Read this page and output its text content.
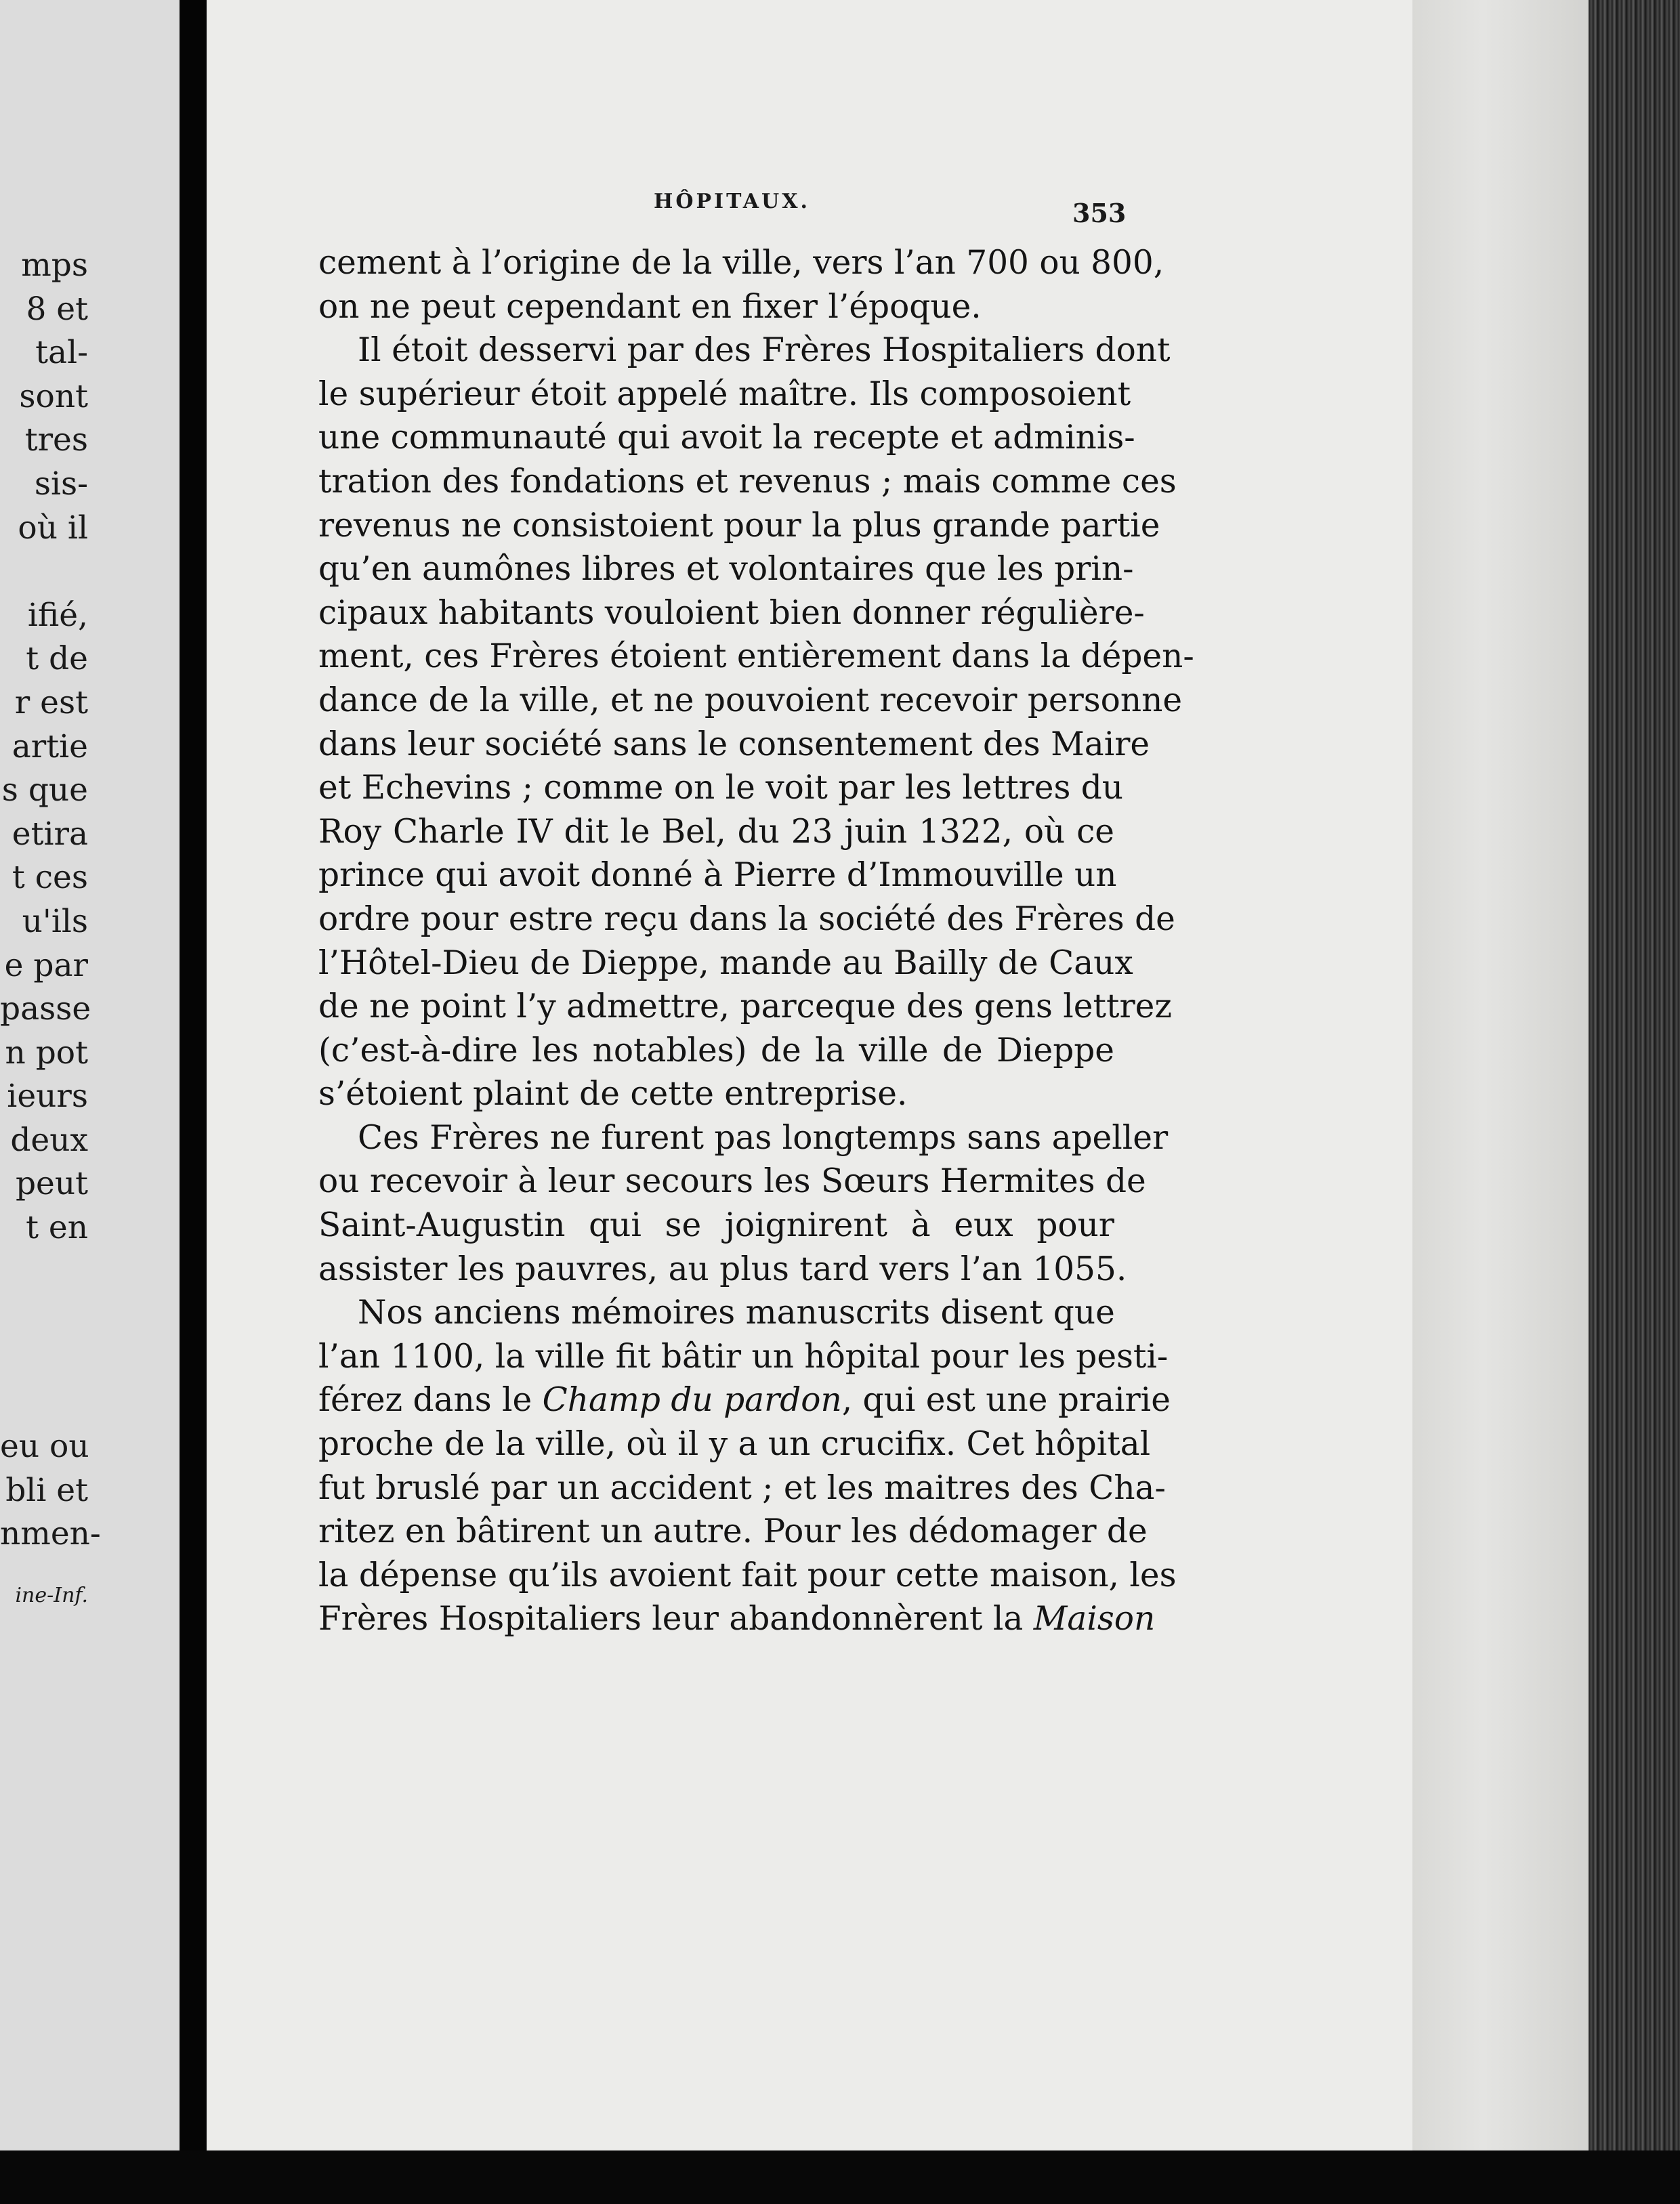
mps
8 et
tal-
sont
tres
sis-
où il
ifié,
t de
r est
artie
s que
etira
t ces
u'ils
e par
passe
n pot
ieurs
deux
peut
t en
eu ou
bli et
nmen-
ine-Inf.
HÔPITAUX.	353

cement à l’origine de la ville, vers l’an 700 ou 800,
on ne peut cependant en fixer l’époque.

Il étoit desservi par des Frères Hospitaliers dont
le supérieur étoit appelé maître. Ils composoient
une communauté qui avoit la recepte et adminis-
tration des fondations et revenus ; mais comme ces
revenus ne consistoient pour la plus grande partie
qu’en aumônes libres et volontaires que les prin-
cipaux habitants vouloient bien donner régulière-
ment, ces Frères étoient entièrement dans la dépen-
dance de la ville, et ne pouvoient recevoir personne
dans leur société sans le consentement des Maire
et Echevins ; comme on le voit par les lettres du
Roy Charle IV dit le Bel, du 23 juin 1322, où ce
prince qui avoit donné à Pierre d’Immouville un
ordre pour estre reçu dans la société des Frères de
l’Hôtel-Dieu de Dieppe, mande au Bailly de Caux
de ne point l’y admettre, parceque des gens lettrez
(c’est-à-dire les notables) de la ville de Dieppe
s’étoient plaint de cette entreprise.

Ces Frères ne furent pas longtemps sans apeller
ou recevoir à leur secours les Sœurs Hermites de
Saint-Augustin qui se joignirent à eux pour
assister les pauvres, au plus tard vers l’an 1055.

Nos anciens mémoires manuscrits disent que
l’an 1100, la ville fit bâtir un hôpital pour les pesti-
férez dans le Champ du pardon, qui est une prairie
proche de la ville, où il y a un crucifix. Cet hôpital
fut bruslé par un accident ; et les maitres des Cha-
ritez en bâtirent un autre. Pour les dédomager de
la dépense qu’ils avoient fait pour cette maison, les
Frères Hospitaliers leur abandonnèrent la Maison
